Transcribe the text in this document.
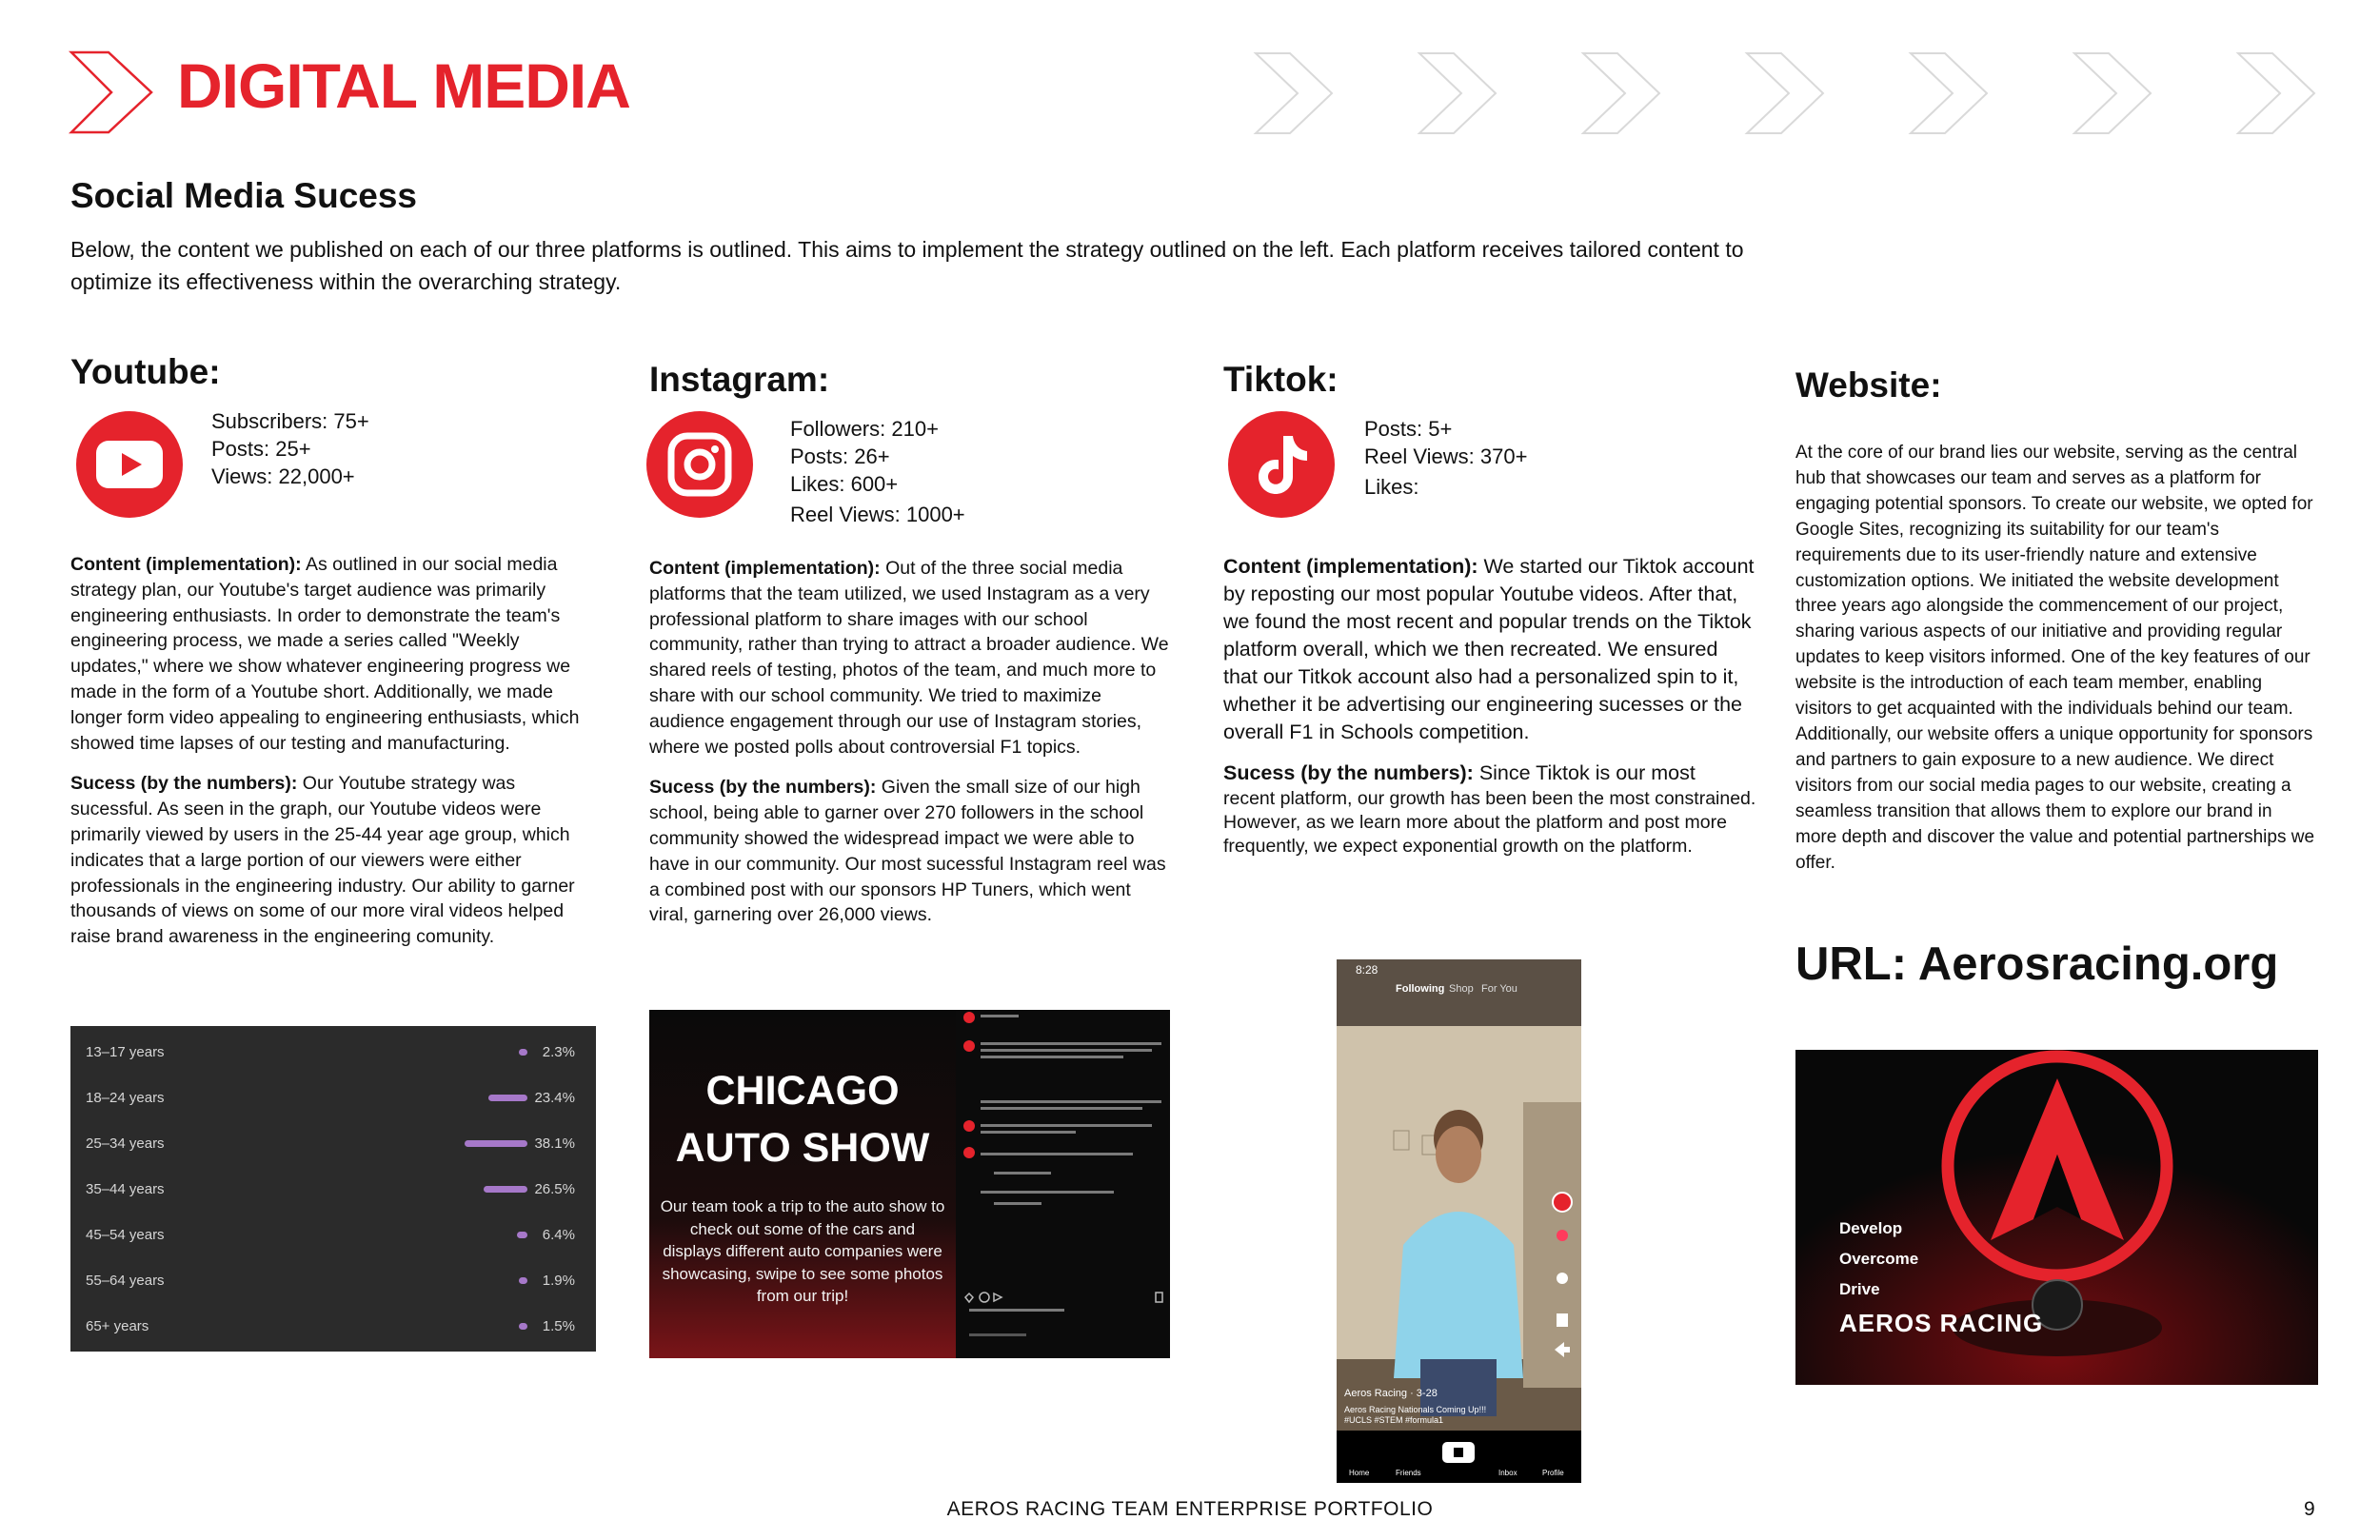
DIGITAL MEDIA
Social Media Sucess
Below, the content we published on each of our three platforms is outlined. This aims to implement the strategy outlined on the left. Each platform receives tailored content to optimize its effectiveness within the overarching strategy.
Youtube:
Subscribers: 75+
Posts: 25+
Views: 22,000+

Content (implementation): As outlined in our social media strategy plan, our Youtube's target audience was primarily engineering enthusiasts. In order to demonstrate the team's engineering process, we made a series called "Weekly updates," where we show whatever engineering progress we made in the form of a Youtube short. Additionally, we made longer form video appealing to engineering enthusiasts, which showed time lapses of our testing and manufacturing.

Sucess (by the numbers): Our Youtube strategy was sucessful. As seen in the graph, our Youtube videos were primarily viewed by users in the 25-44 year age group, which indicates that a large portion of our viewers were either professionals in the engineering industry. Our ability to garner thousands of views on some of our more viral videos helped raise brand awareness in the engineering comunity.

13–17 years	2.3%
18–24 years	23.4%
25–34 years	38.1%
35–44 years	26.5%
45–54 years	6.4%
55–64 years	1.9%
65+ years	1.5%
Instagram:
Followers: 210+
Posts: 26+
Likes: 600+
Reel Views: 1000+

Content (implementation): Out of the three social media platforms that the team utilized, we used Instagram as a very professional platform to share images with our school community, rather than trying to attract a broader audience. We shared reels of testing, photos of the team, and much more to share with our school community. We tried to maximize audience engagement through our use of Instagram stories, where we posted polls about controversial F1 topics.

Sucess (by the numbers): Given the small size of our high school, being able to garner over 270 followers in the school community showed the widespread impact we were able to have in our community. Our most sucessful Instagram reel was a combined post with our sponsors HP Tuners, which went viral, garnering over 26,000 views.

CHICAGO AUTO SHOW
Our team took a trip to the auto show to check out some of the cars and displays different auto companies were showcasing, swipe to see some photos from our trip!
Tiktok:
Posts: 5+
Reel Views: 370+
Likes:

Content (implementation): We started our Tiktok account by reposting our most popular Youtube videos. After that, we found the most recent and popular trends on the Tiktok platform overall, which we then recreated. We ensured that our Titkok account also had a personalized spin to it, whether it be advertising our engineering sucesses or the overall F1 in Schools competition.

Sucess (by the numbers): Since Tiktok is our most
recent platform, our growth has been been the most constrained. However, as we learn more about the platform and post more frequently, we expect exponential growth on the platform.
8:28
Following Shop For You
Aeros Racing · 3-28
Aeros Racing Nationals Coming Up!!!
#UCLS #STEM #formula1
Home	Friends	Inbox	Profile
Website:
At the core of our brand lies our website, serving as the central hub that showcases our team and serves as a platform for engaging potential sponsors. To create our website, we opted for Google Sites, recognizing its suitability for our team's requirements due to its user-friendly nature and extensive customization options. We initiated the website development three years ago alongside the commencement of our project, sharing various aspects of our initiative and providing regular updates to keep visitors informed. One of the key features of our website is the introduction of each team member, enabling visitors to get acquainted with the individuals behind our team. Additionally, our website offers a unique opportunity for sponsors and partners to gain exposure to a new audience. We direct visitors from our social media pages to our website, creating a seamless transition that allows them to explore our brand in more depth and discover the value and potential partnerships we offer.
URL: Aerosracing.org
Develop
Overcome
Drive
AEROS RACING
AEROS RACING TEAM ENTERPRISE PORTFOLIO	9
